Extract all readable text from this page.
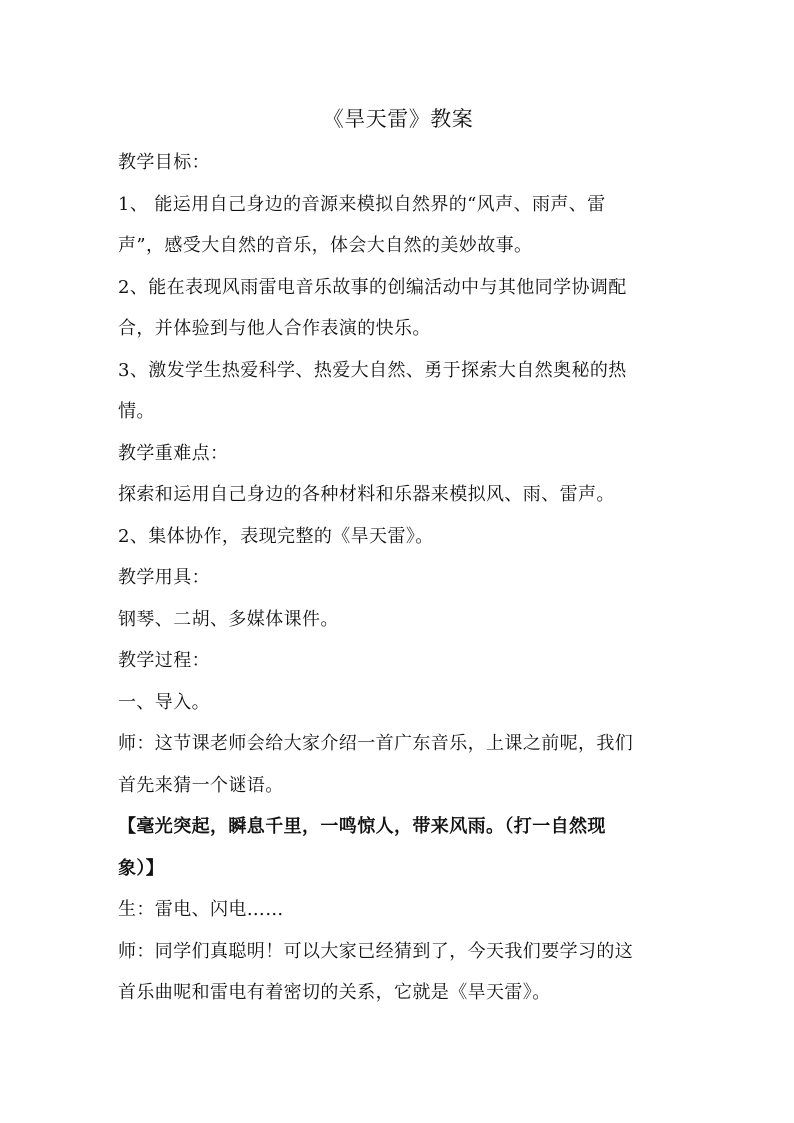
《旱天雷》教案

教学目标：

1、 能运用自己身边的音源来模拟自然界的“风声、雨声、雷

声”，感受大自然的音乐，体会大自然的美妙故事。

2、能在表现风雨雷电音乐故事的创编活动中与其他同学协调配

合，并体验到与他人合作表演的快乐。

3、激发学生热爱科学、热爱大自然、勇于探索大自然奥秘的热

情。

教学重难点：

探索和运用自己身边的各种材料和乐器来模拟风、雨、雷声。

2、集体协作，表现完整的《旱天雷》。

教学用具：

钢琴、二胡、多媒体课件。

教学过程：

一、导入。

师：这节课老师会给大家介绍一首广东音乐，上课之前呢，我们

首先来猜一个谜语。

【毫光突起，瞬息千里，一鸣惊人，带来风雨。（打一自然现

象）】

生：雷电、闪电……

师：同学们真聪明！可以大家已经猜到了，今天我们要学习的这

首乐曲呢和雷电有着密切的关系，它就是《旱天雷》。
